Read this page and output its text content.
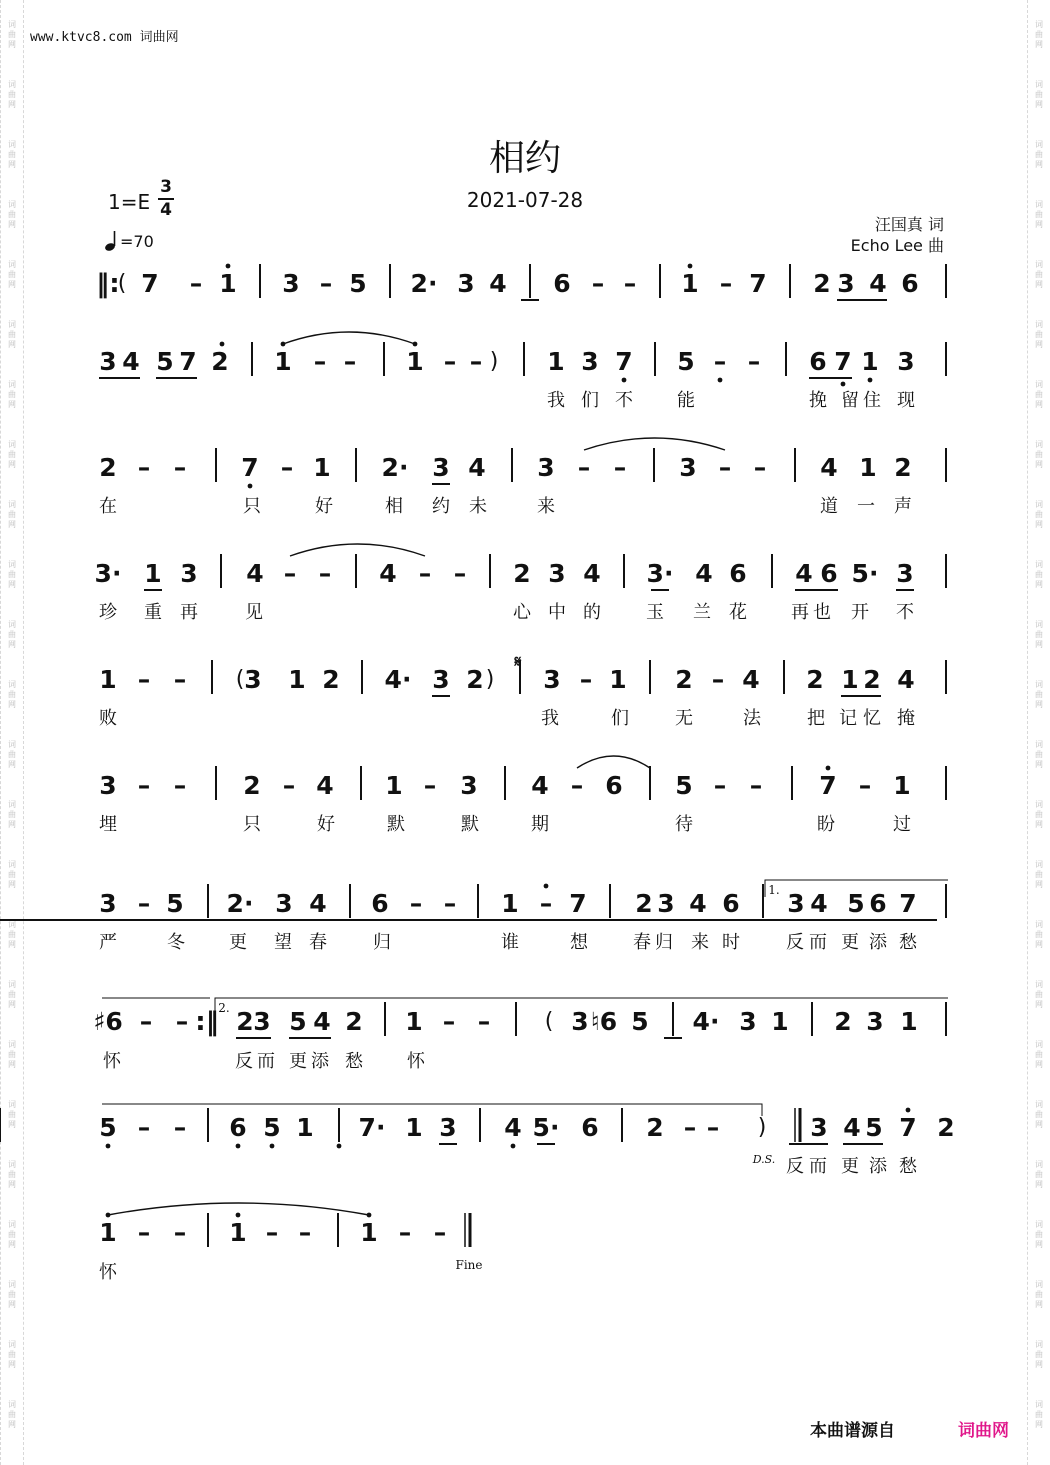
词
曲
网
词
曲
网
词
曲
网
词
曲
网
词
曲
网
词
曲
网
词
曲
网
词
曲
网
词
曲
网
词
曲
网
词
曲
网
词
曲
网
词
曲
网
词
曲
网
词
曲
网
词
曲
网
词
曲
网
词
曲
网
词
曲
网
词
曲
网
词
曲
网
词
曲
网
词
曲
网
词
曲
网
词
曲
网
词
曲
网
词
曲
网
词
曲
网
词
曲
网
词
曲
网
词
曲
网
词
曲
网
词
曲
网
词
曲
网
词
曲
网
词
曲
网
词
曲
网
词
曲
网
词
曲
网
词
曲
网
词
曲
网
词
曲
网
词
曲
网
词
曲
网
词
曲
网
词
曲
网
词
曲
网
词
曲
网
www.ktvc8.com 词曲网
相约
2021-07-28
1=E
3
4
=70
汪国真 词
Echo Lee 曲
‖:
( 7 – 1 3 – 5 2· 3 4 6 – – 1 – 7 2 3 4 6
3 4 5 7 2 1 – – 1 – – ) 1 3 7 5 – – 6 7 1 3
我 们 不 能	挽 留 住 现
2 – – 7 – 1 2· 3 4 3 – – 3 – – 4 1 2
在	只	好	相 约 未	来	道 一 声
3· 1 3 4 – – 4 – – 2 3 4 3· 4 6 4 6 5· 3
珍 重 再	见	心 中 的	玉 兰 花 再 也 开 不
1 – – ( 3 1 2 4· 3 2 ) 3 – 1 2 – 4 2 1 2 4
败	我	们	无	法	把 记 忆 掩
3 – – 2 – 4 1 – 3 4 – 6 5 – – 7 – 1
埋	只	好	默	默	期	待	盼	过
3 – 5 2· 3 4 6 – – 1 – 7 2 3 4 6 3 4 5 6 7
严	冬 更 望 春	归	谁	想	春 归 来 时	反 而 更 添 愁
♯6 – – :‖ 2 3 5 4 2 1 – – ( 3 ♮6 5 4· 3 1 2 3 1
怀	反 而 更 添 愁 怀
5 – – 6 5 1 7· 1 3 4 5· 6 2 – – ) 3 4 5 7 2
反 而 更 添 愁
1 – – 1 – – 1 – –
‖
怀
𝄋
1.
2.
D.S.
Fine
本曲谱源自	词曲网
